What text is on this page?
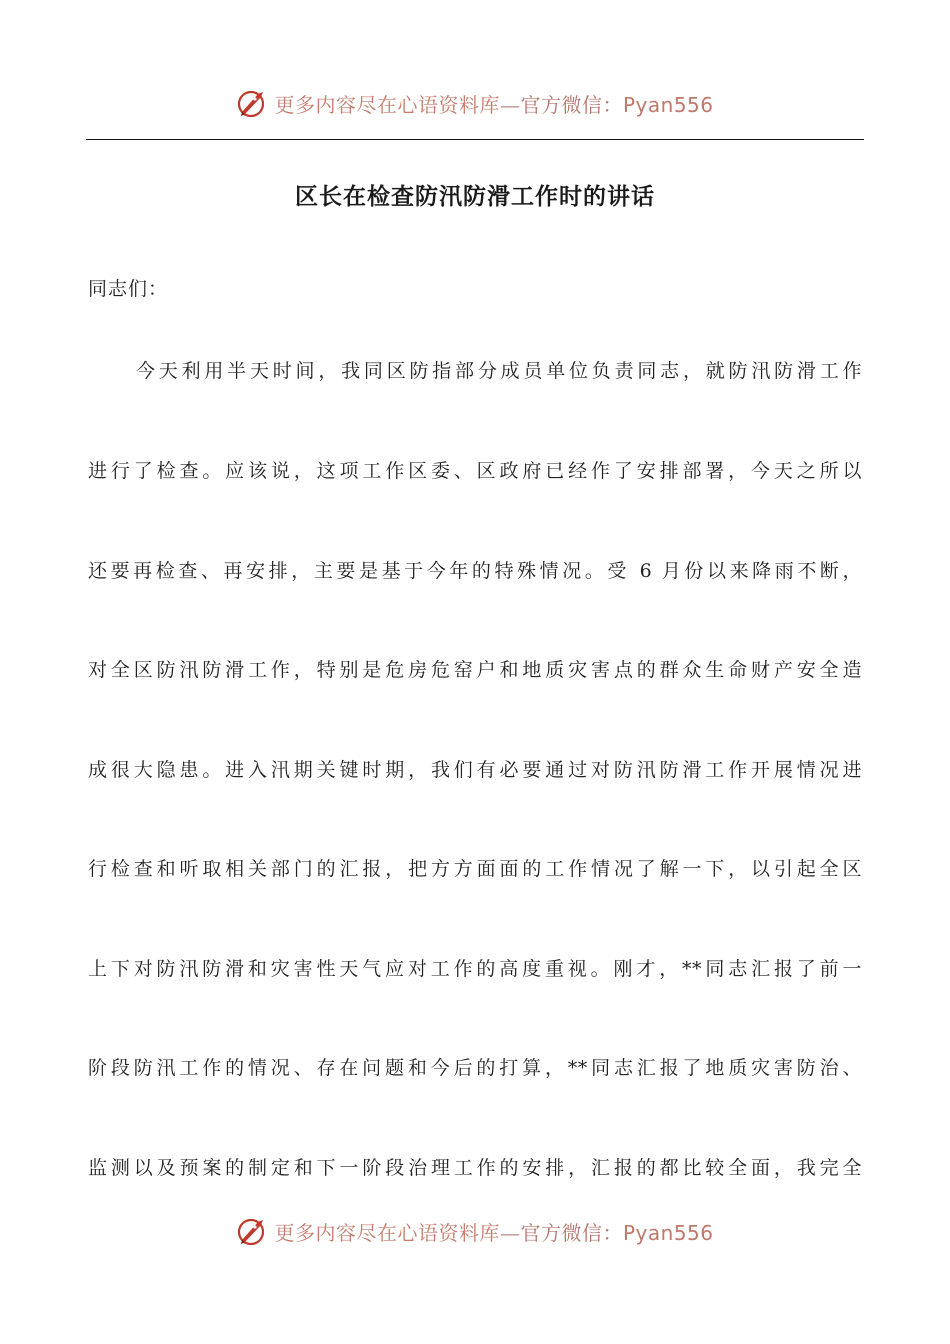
更多内容尽在心语资料库—官方微信：Pyan556
区长在检查防汛防滑工作时的讲话
同志们：
今天利用半天时间，我同区防指部分成员单位负责同志，就防汛防滑工作
进行了检查。应该说，这项工作区委、区政府已经作了安排部署，今天之所以
还要再检查、再安排，主要是基于今年的特殊情况。受 6 月份以来降雨不断，
对全区防汛防滑工作，特别是危房危窑户和地质灾害点的群众生命财产安全造
成很大隐患。进入汛期关键时期，我们有必要通过对防汛防滑工作开展情况进
行检查和听取相关部门的汇报，把方方面面的工作情况了解一下，以引起全区
上下对防汛防滑和灾害性天气应对工作的高度重视。刚才，**同志汇报了前一
阶段防汛工作的情况、存在问题和今后的打算，**同志汇报了地质灾害防治、
监测以及预案的制定和下一阶段治理工作的安排，汇报的都比较全面，我完全
更多内容尽在心语资料库—官方微信：Pyan556
